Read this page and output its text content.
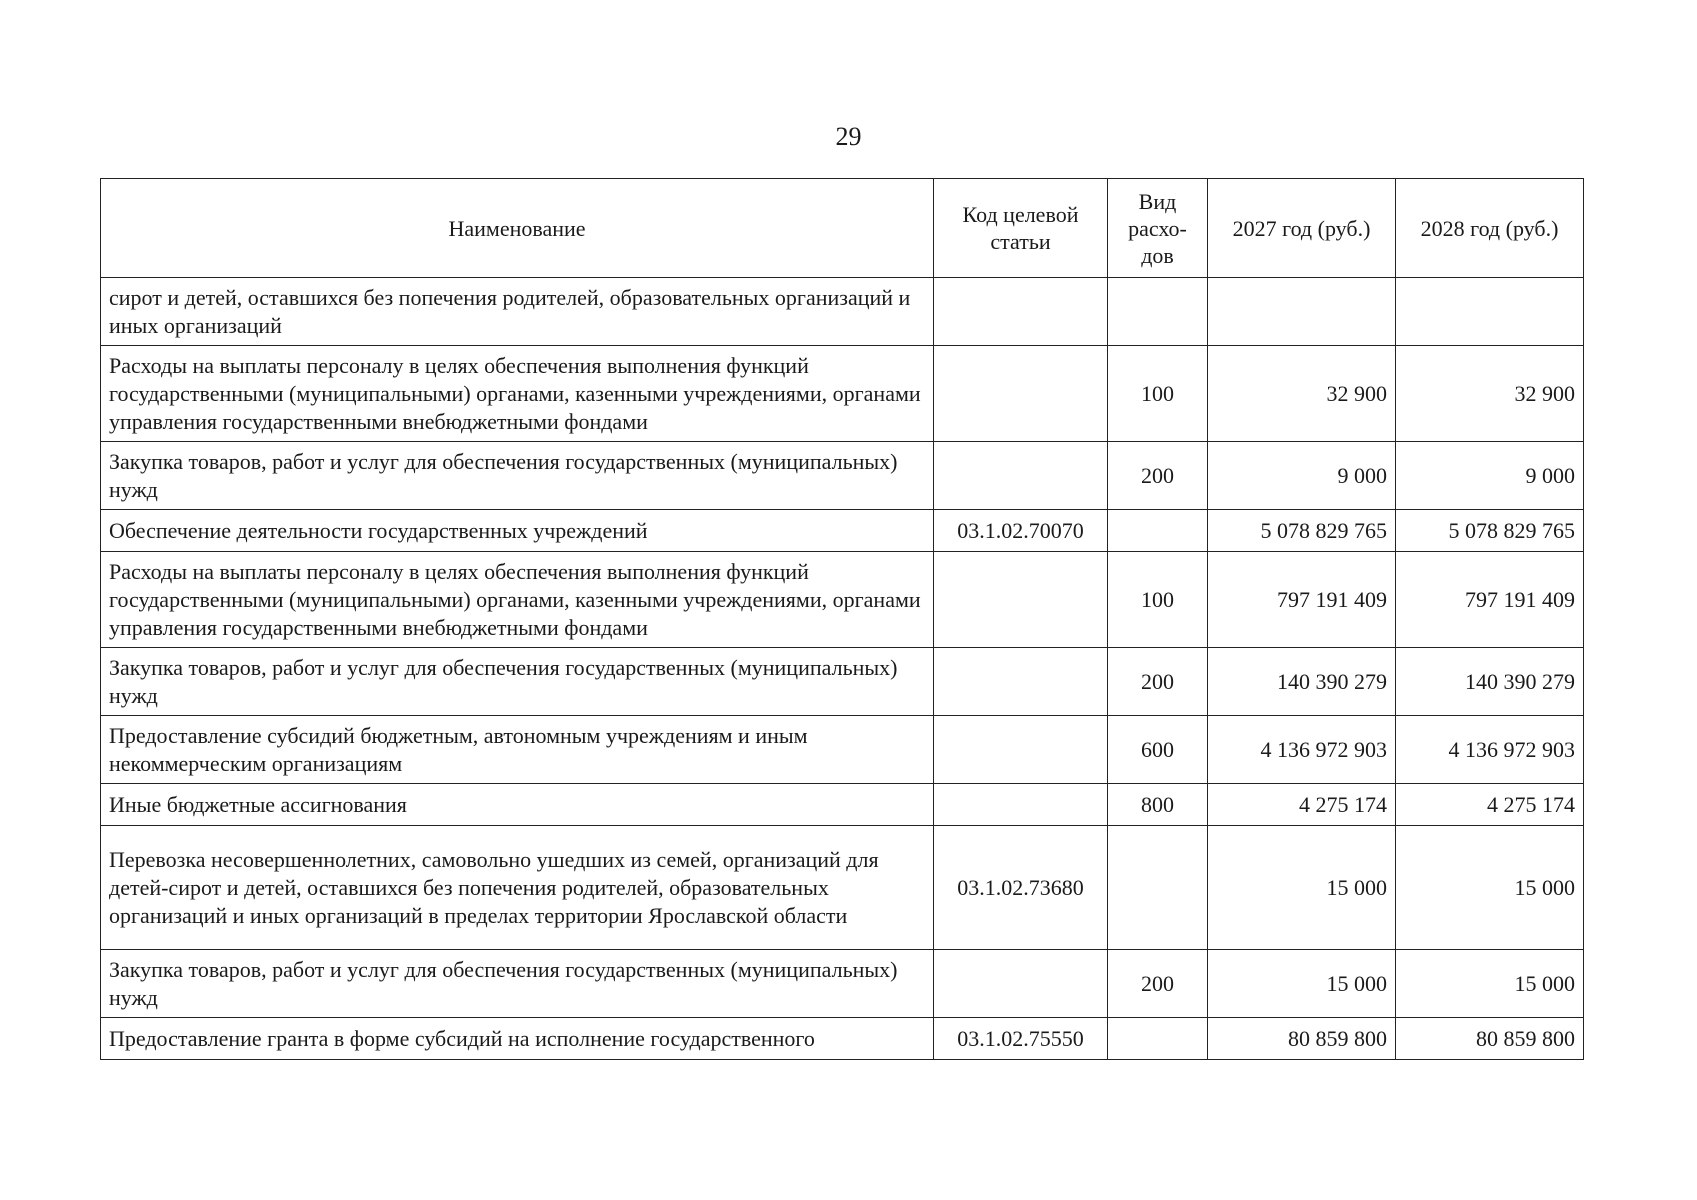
29
Наименование	Код целевой статьи	Вид расхо-дов	2027 год (руб.)	2028 год (руб.)
сирот и детей, оставшихся без попечения родителей, образовательных организаций и иных организаций				
Расходы на выплаты персоналу в целях обеспечения выполнения функций государственными (муниципальными) органами, казенными учреждениями, органами управления государственными внебюджетными фондами		100	32 900	32 900
Закупка товаров, работ и услуг для обеспечения государственных (муниципальных) нужд		200	9 000	9 000
Обеспечение деятельности государственных учреждений	03.1.02.70070		5 078 829 765	5 078 829 765
Расходы на выплаты персоналу в целях обеспечения выполнения функций государственными (муниципальными) органами, казенными учреждениями, органами управления государственными внебюджетными фондами		100	797 191 409	797 191 409
Закупка товаров, работ и услуг для обеспечения государственных (муниципальных) нужд		200	140 390 279	140 390 279
Предоставление субсидий бюджетным, автономным учреждениям и иным некоммерческим организациям		600	4 136 972 903	4 136 972 903
Иные бюджетные ассигнования		800	4 275 174	4 275 174
Перевозка несовершеннолетних, самовольно ушедших из семей, организаций для детей-сирот и детей, оставшихся без попечения родителей, образовательных организаций и иных организаций в пределах территории Ярославской области	03.1.02.73680		15 000	15 000
Закупка товаров, работ и услуг для обеспечения государственных (муниципальных) нужд		200	15 000	15 000
Предоставление гранта в форме субсидий на исполнение государственного	03.1.02.75550		80 859 800	80 859 800
